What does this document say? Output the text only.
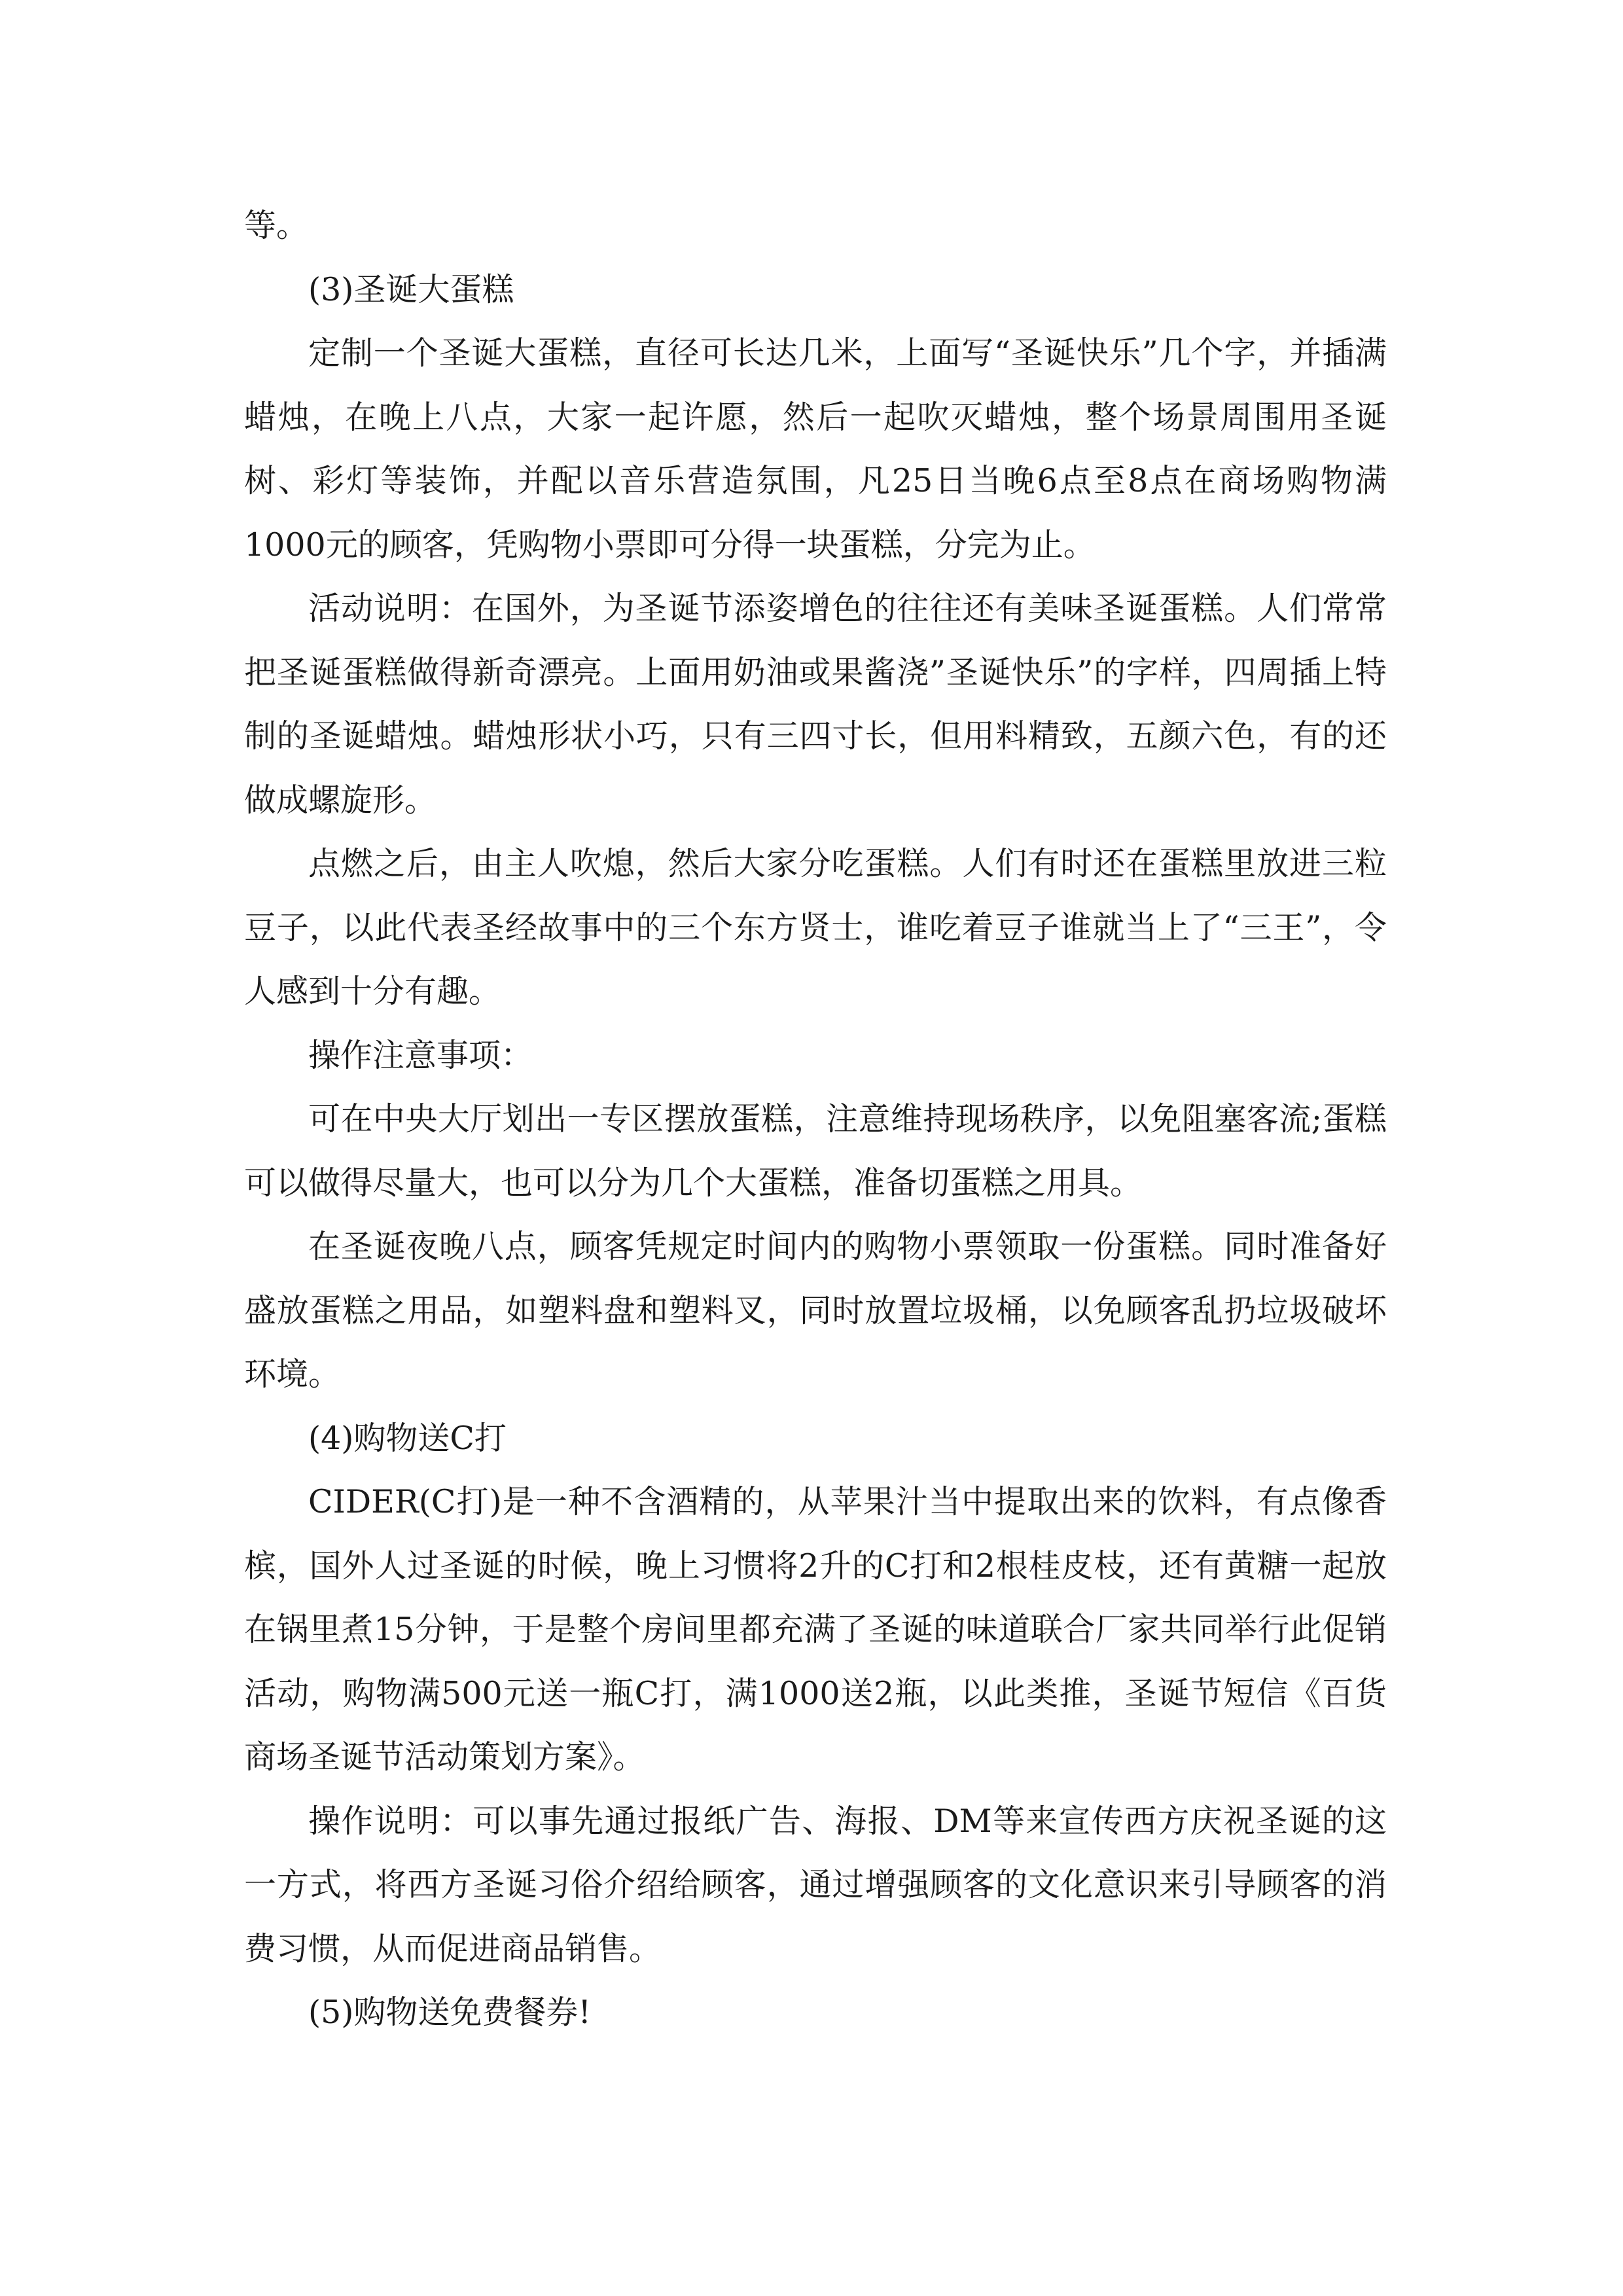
等。

(3)圣诞大蛋糕

定制一个圣诞大蛋糕，直径可长达几米，上面写“圣诞快乐”几个字，并插满蜡烛，在晚上八点，大家一起许愿，然后一起吹灭蜡烛，整个场景周围用圣诞树、彩灯等装饰，并配以音乐营造氛围，凡25日当晚6点至8点在商场购物满1000元的顾客，凭购物小票即可分得一块蛋糕，分完为止。

活动说明：在国外，为圣诞节添姿增色的往往还有美味圣诞蛋糕。人们常常把圣诞蛋糕做得新奇漂亮。上面用奶油或果酱浇”圣诞快乐”的字样，四周插上特制的圣诞蜡烛。蜡烛形状小巧，只有三四寸长，但用料精致，五颜六色，有的还做成螺旋形。

点燃之后，由主人吹熄，然后大家分吃蛋糕。人们有时还在蛋糕里放进三粒豆子，以此代表圣经故事中的三个东方贤士，谁吃着豆子谁就当上了“三王”，令人感到十分有趣。

操作注意事项：

可在中央大厅划出一专区摆放蛋糕，注意维持现场秩序，以免阻塞客流;蛋糕可以做得尽量大，也可以分为几个大蛋糕，准备切蛋糕之用具。

在圣诞夜晚八点，顾客凭规定时间内的购物小票领取一份蛋糕。同时准备好盛放蛋糕之用品，如塑料盘和塑料叉，同时放置垃圾桶，以免顾客乱扔垃圾破坏环境。

(4)购物送C打

CIDER(C打)是一种不含酒精的，从苹果汁当中提取出来的饮料，有点像香槟，国外人过圣诞的时候，晚上习惯将2升的C打和2根桂皮枝，还有黄糖一起放在锅里煮15分钟，于是整个房间里都充满了圣诞的味道联合厂家共同举行此促销活动，购物满500元送一瓶C打，满1000送2瓶，以此类推，圣诞节短信《百货商场圣诞节活动策划方案》。

操作说明：可以事先通过报纸广告、海报、DM等来宣传西方庆祝圣诞的这一方式，将西方圣诞习俗介绍给顾客，通过增强顾客的文化意识来引导顾客的消费习惯，从而促进商品销售。

(5)购物送免费餐券!
